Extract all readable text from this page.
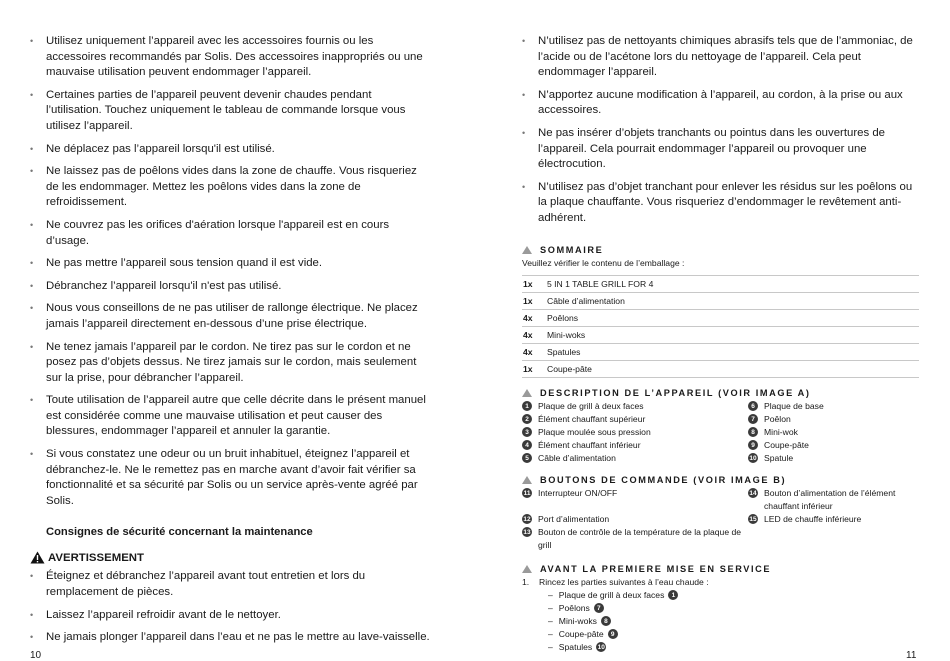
• Utilisez uniquement l’appareil avec les accessoires fournis ou les accessoires recommandés par Solis. Des accessoires inappropriés ou une mauvaise utilisation peuvent endommager l’appareil.
• Certaines parties de l’appareil peuvent devenir chaudes pendant l’utilisation. Touchez uniquement le tableau de commande lorsque vous utilisez l’appareil.
• Ne déplacez pas l’appareil lorsqu'il est utilisé.
• Ne laissez pas de poêlons vides dans la zone de chauffe. Vous risqueriez de les endommager. Mettez les poêlons vides dans la zone de refroidissement.
• Ne couvrez pas les orifices d'aération lorsque l'appareil est en cours d’usage.
• Ne pas mettre l’appareil sous tension quand il est vide.
• Débranchez l’appareil lorsqu'il n'est pas utilisé.
• Nous vous conseillons de ne pas utiliser de rallonge électrique. Ne placez jamais l’appareil directement en-dessous d’une prise électrique.
• Ne tenez jamais l’appareil par le cordon. Ne tirez pas sur le cordon et ne posez pas d’objets dessus. Ne tirez jamais sur le cordon, mais seulement sur la prise, pour débrancher l’appareil.
• Toute utilisation de l’appareil autre que celle décrite dans le présent manuel est considérée comme une mauvaise utilisation et peut causer des blessures, endommager l’appareil et annuler la garantie.
• Si vous constatez une odeur ou un bruit inhabituel, éteignez l’appareil et débranchez-le. Ne le remettez pas en marche avant d’avoir fait vérifier sa fonctionnalité et sa sécurité par Solis ou un service après-vente agréé par Solis.
Consignes de sécurité concernant la maintenance
AVERTISSEMENT
• Éteignez et débranchez l’appareil avant tout entretien et lors du remplacement de pièces.
• Laissez l’appareil refroidir avant de le nettoyer.
• Ne jamais plonger l’appareil dans l’eau et ne pas le mettre au lave-vaisselle.
10
• N’utilisez pas de nettoyants chimiques abrasifs tels que de l’ammoniac, de l’acide ou de l’acétone lors du nettoyage de l’appareil. Cela peut endommager l’appareil.
• N’apportez aucune modification à l’appareil, au cordon, à la prise ou aux accessoires.
• Ne pas insérer d’objets tranchants ou pointus dans les ouvertures de l’appareil. Cela pourrait endommager l’appareil ou provoquer une électrocution.
• N’utilisez pas d’objet tranchant pour enlever les résidus sur les poêlons ou la plaque chauffante. Vous risqueriez d’endommager le revêtement anti-adhérent.
SOMMAIRE
Veuillez vérifier le contenu de l’emballage :
1x	5 IN 1 TABLE GRILL FOR 4
1x	Câble d’alimentation
4x	Poêlons
4x	Mini-woks
4x	Spatules
1x	Coupe-pâte
DESCRIPTION DE L’APPAREIL (VOIR IMAGE A)
1	Plaque de grill à deux faces	6	Plaque de base
2	Élément chauffant supérieur	7	Poêlon
3	Plaque moulée sous pression	8	Mini-wok
4	Élément chauffant inférieur	9	Coupe-pâte
5	Câble d’alimentation	10 Spatule
BOUTONS DE COMMANDE (VOIR IMAGE B)
11 Interrupteur ON/OFF	14 Bouton d’alimentation de l’élément chauffant inférieur
12 Port d’alimentation	15 LED de chauffe inférieure
13 Bouton de contrôle de la température de la plaque de grill
AVANT LA PREMIERE MISE EN SERVICE
1.	Rincez les parties suivantes à l’eau chaude :
– Plaque de grill à deux faces	1
– Poêlons	7
– Mini-woks	8
– Coupe-pâte	9
– Spatules 10
11
